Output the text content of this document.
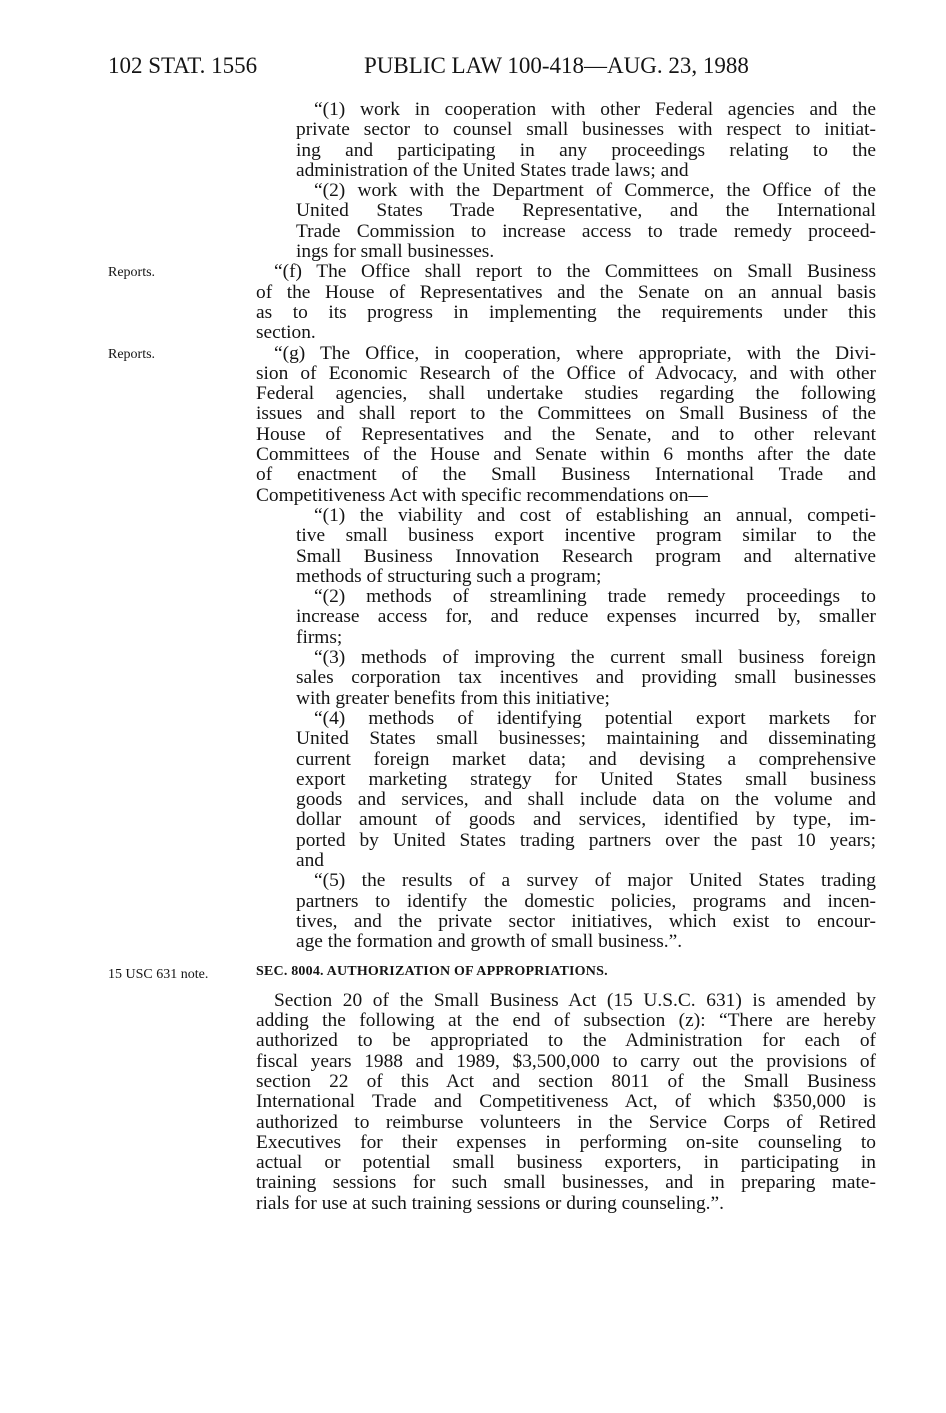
102 STAT. 1556	PUBLIC LAW 100-418—AUG. 23, 1988
Reports.
Reports.
15 USC 631 note.

“(1) work in cooperation with other Federal agencies and the

private sector to counsel small businesses with respect to initiat-

ing and participating in any proceedings relating to the

administration of the United States trade laws; and

“(2) work with the Department of Commerce, the Office of the

United States Trade Representative, and the International

Trade Commission to increase access to trade remedy proceed-

ings for small businesses.

“(f) The Office shall report to the Committees on Small Business

of the House of Representatives and the Senate on an annual basis

as to its progress in implementing the requirements under this

section.

“(g) The Office, in cooperation, where appropriate, with the Divi-

sion of Economic Research of the Office of Advocacy, and with other

Federal agencies, shall undertake studies regarding the following

issues and shall report to the Committees on Small Business of the

House of Representatives and the Senate, and to other relevant

Committees of the House and Senate within 6 months after the date

of enactment of the Small Business International Trade and

Competitiveness Act with specific recommendations on—

“(1) the viability and cost of establishing an annual, competi-

tive small business export incentive program similar to the

Small Business Innovation Research program and alternative

methods of structuring such a program;

“(2) methods of streamlining trade remedy proceedings to

increase access for, and reduce expenses incurred by, smaller

firms;

“(3) methods of improving the current small business foreign

sales corporation tax incentives and providing small businesses

with greater benefits from this initiative;

“(4) methods of identifying potential export markets for

United States small businesses; maintaining and disseminating

current foreign market data; and devising a comprehensive

export marketing strategy for United States small business

goods and services, and shall include data on the volume and

dollar amount of goods and services, identified by type, im-

ported by United States trading partners over the past 10 years;

and

“(5) the results of a survey of major United States trading

partners to identify the domestic policies, programs and incen-

tives, and the private sector initiatives, which exist to encour-

age the formation and growth of small business.”.

SEC. 8004. AUTHORIZATION OF APPROPRIATIONS.

Section 20 of the Small Business Act (15 U.S.C. 631) is amended by

adding the following at the end of subsection (z): “There are hereby

authorized to be appropriated to the Administration for each of

fiscal years 1988 and 1989, $3,500,000 to carry out the provisions of

section 22 of this Act and section 8011 of the Small Business

International Trade and Competitiveness Act, of which $350,000 is

authorized to reimburse volunteers in the Service Corps of Retired

Executives for their expenses in performing on-site counseling to

actual or potential small business exporters, in participating in

training sessions for such small businesses, and in preparing mate-

rials for use at such training sessions or during counseling.”.
